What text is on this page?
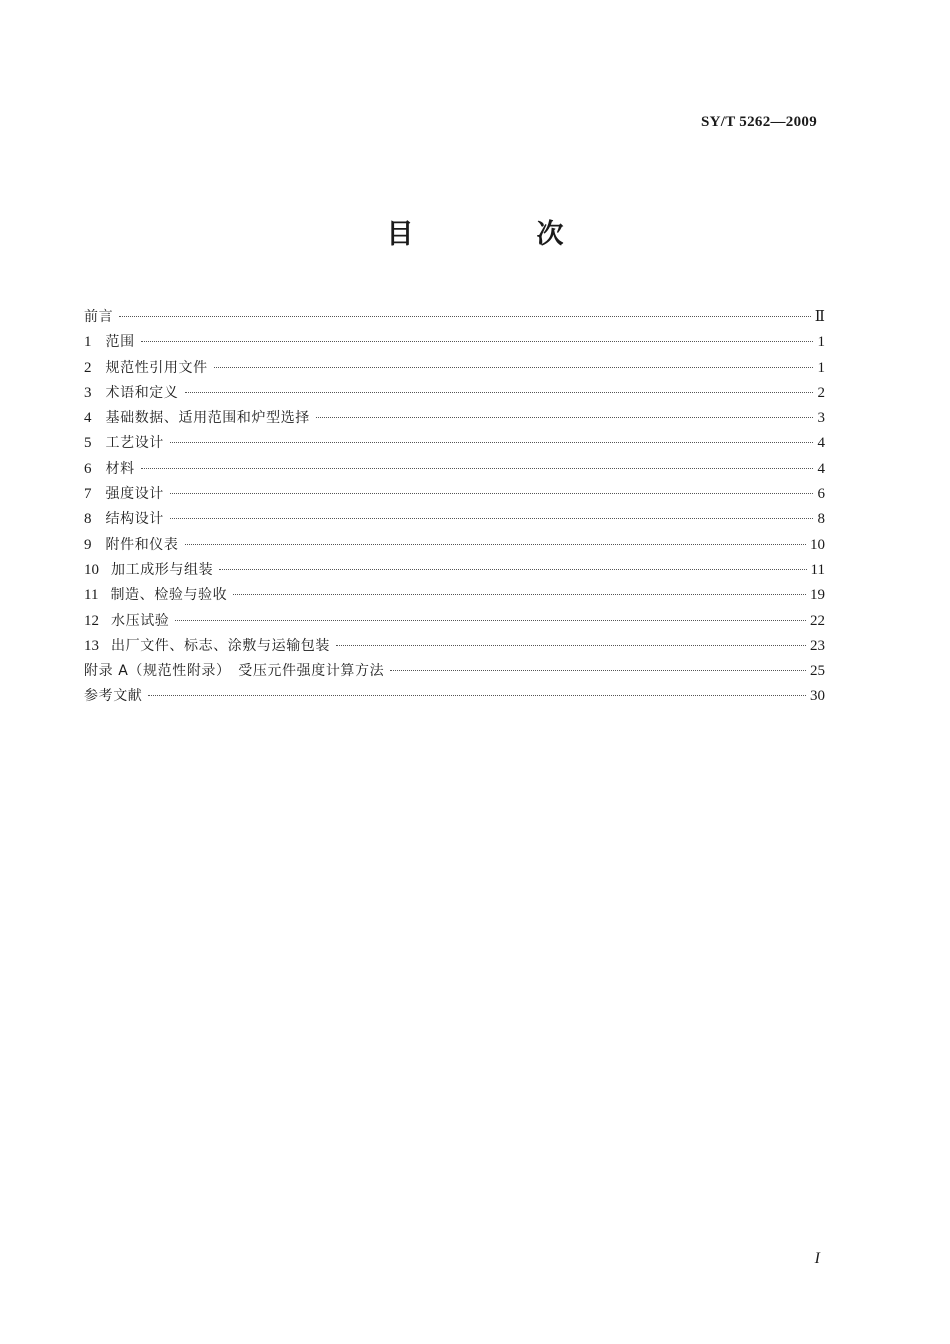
SY/T 5262—2009
目　次
前言	Ⅱ
1 范围	1
2 规范性引用文件	1
3 术语和定义	2
4 基础数据、适用范围和炉型选择	3
5 工艺设计	4
6 材料	4
7 强度设计	6
8 结构设计	8
9 附件和仪表	10
10 加工成形与组装	11
11 制造、检验与验收	19
12 水压试验	22
13 出厂文件、标志、涂敷与运输包装	23
附录 A（规范性附录）　受压元件强度计算方法	25
参考文献	30
I
